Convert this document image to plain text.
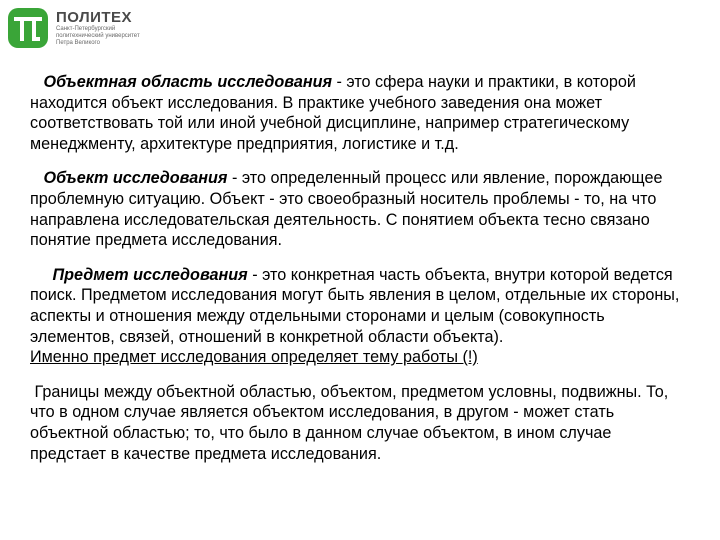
ПОЛИТЕХ
Санкт-Петербургский
политехнический университет
Петра Великого

Объектная область исследования - это сфера науки и практики, в которой находится объект исследования. В практике учебного заведения она может соответствовать той или иной учебной дисциплине, например стратегическому менеджменту, архитектуре предприятия, логистике и т.д.

Объект исследования - это определенный процесс или явление, порождающее проблемную ситуацию. Объект - это своеобразный носитель проблемы - то, на что направлена исследовательская деятельность. С понятием объекта тесно связано понятие предмета исследования.

Предмет исследования - это конкретная часть объекта, внутри которой ведется поиск. Предметом исследования могут быть явления в целом, отдельные их стороны, аспекты и отношения между отдельными сторонами и целым (совокупность элементов, связей, отношений в конкретной области объекта).
Именно предмет исследования определяет тему работы (!)

Границы между объектной областью, объектом, предметом условны, подвижны. То, что в одном случае является объектом исследования, в другом - может стать объектной областью; то, что было в данном случае объектом, в ином случае предстает в качестве предмета исследования.
